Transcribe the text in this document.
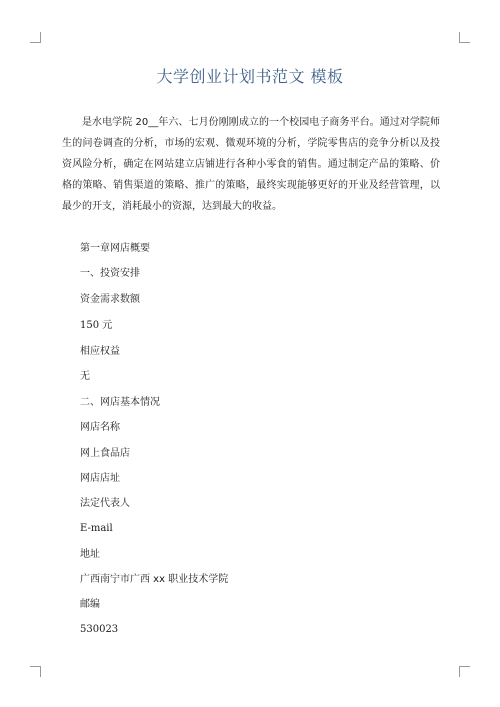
大学创业计划书范文 模板

是水电学院 20__年六、七月份刚刚成立的一个校园电子商务平台。通过对学院师生的问卷调查的分析，市场的宏观、微观环境的分析，学院零售店的竞争分析以及投资风险分析，确定在网站建立店铺进行各种小零食的销售。通过制定产品的策略、价格的策略、销售渠道的策略、推广的策略，最终实现能够更好的开业及经营管理，以最少的开支，消耗最小的资源，达到最大的收益。

第一章网店概要
一、投资安排
资金需求数额
150 元
相应权益
无
二、网店基本情况
网店名称
网上食品店
网店店址
法定代表人
E-mail
地址
广西南宁市广西 xx 职业技术学院
邮编
530023
